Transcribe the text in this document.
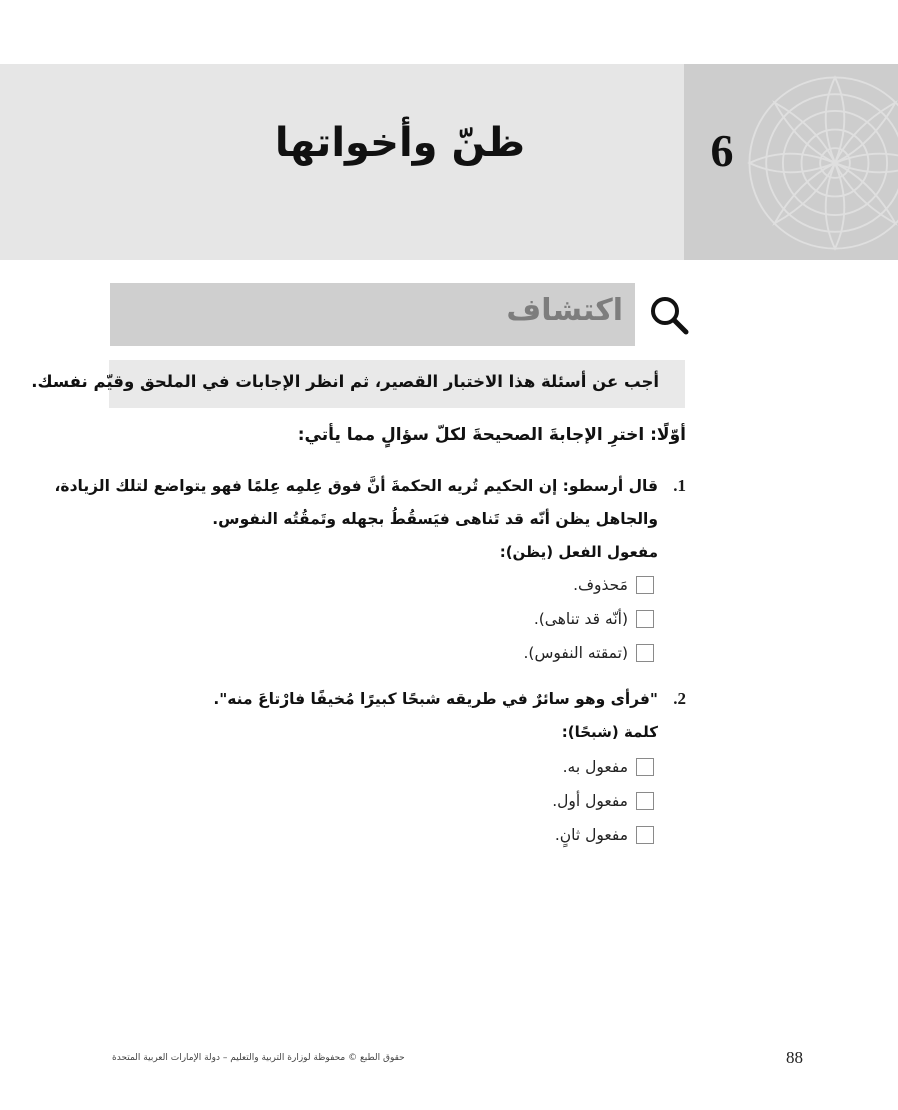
6
ظنّ وأخواتها
اكتشاف
أجب عن أسئلة هذا الاختبار القصير، ثم انظر الإجابات في الملحق وقيّم نفسك.
أوّلًا: اخترِ الإجابةَ الصحيحةَ لكلّ سؤالٍ مما يأتي:
1.
قال أرسطو: إن الحكيم تُريه الحكمةَ أنَّ فوق عِلمِه عِلمًا فهو يتواضع لتلك الزيادة،
والجاهل يظن أنّه قد تَناهى فيَسقُطُ بجهله وتَمقُتُه النفوس.
مفعول الفعل (يظن):
مَحذوف.
(أنّه قد تناهى).
(تمقته النفوس).
2.
"فرأى وهو سائرٌ في طريقه شبحًا كبيرًا مُخيفًا فارْتاعَ منه".
كلمة (شبحًا):
مفعول به.
مفعول أول.
مفعول ثانٍ.
88
حقوق الطبع © محفوظة لوزارة التربية والتعليم – دولة الإمارات العربية المتحدة
